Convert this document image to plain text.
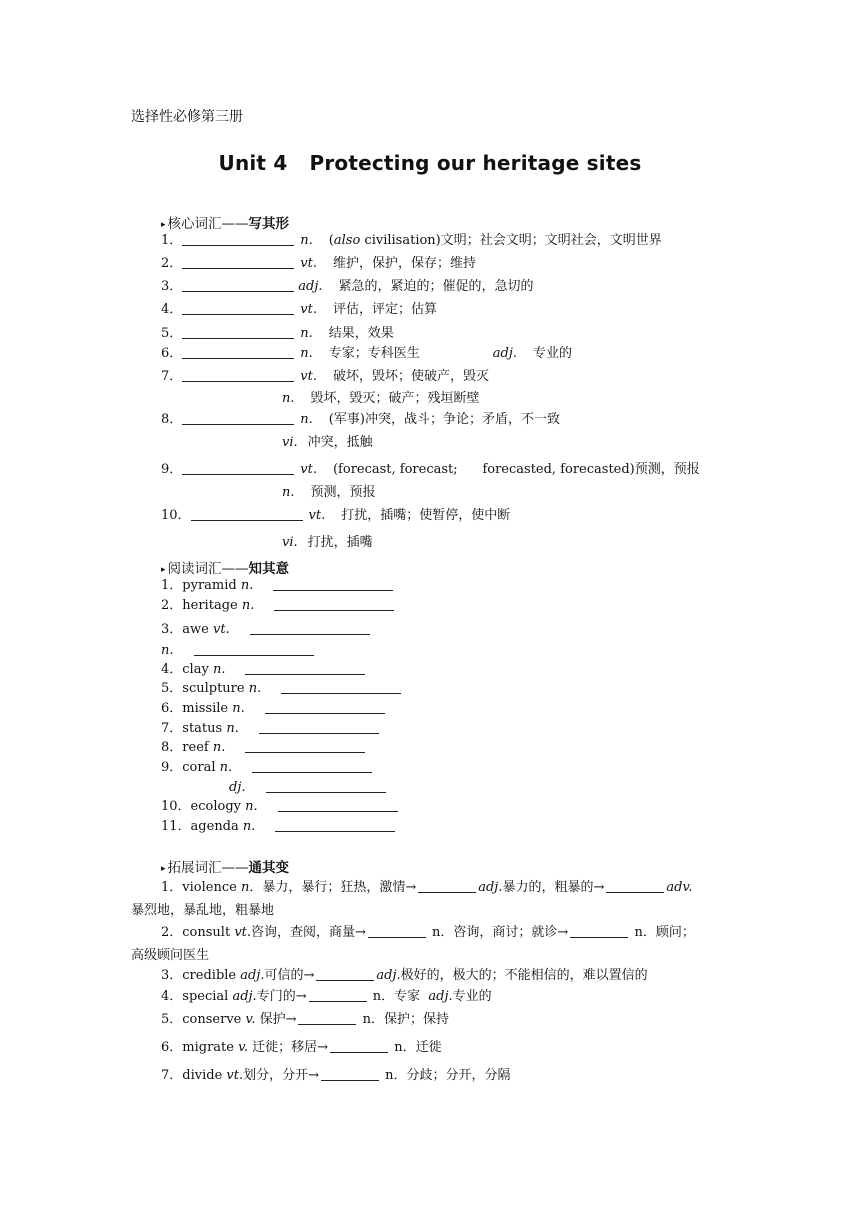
选择性必修第三册
Unit 4 Protecting our heritage sites
▸ 核心词汇——写其形
1．	n. (also civilisation)文明；社会文明；文明社会，文明世界
2．	vt. 维护，保护，保存；维持
3．	adj. 紧急的，紧迫的；催促的，急切的
4．	vt. 评估，评定；估算
5．	n. 结果，效果
6．	n. 专家；专科医生	adj. 专业的
7．	vt. 破坏，毁坏；使破产，毁灭
n. 毁坏，毁灭；破产；残垣断壁
8．	n. (军事)冲突，战斗；争论；矛盾，不一致
vi. 冲突，抵触
9．	vt. (forecast, forecast;      forecasted, forecasted)预测，预报
n. 预测，预报
10．	vt. 打扰，插嘴；使暂停，使中断
vi. 打扰，插嘴
▸ 阅读词汇——知其意
1．pyramid n.
2．heritage n.
3．awe vt.
n.
4．clay n.
5．sculpture n.
6．missile n.
7．status n.
8．reef n.
9．coral n.
dj.
10．ecology n.
11．agenda n.
▸ 拓展词汇——通其变
1．violence n．暴力，暴行；狂热，激情→	adj.暴力的，粗暴的→	adv.
暴烈地，暴乱地，粗暴地
2．consult vt.咨询，查阅，商量→	n．咨询，商讨；就诊→	n．顾问；
高级顾问医生
3．credible adj.可信的→	adj.极好的，极大的；不能相信的，难以置信的
4．special adj.专门的→	n．专家  adj.专业的
5．conserve v. 保护→	n．保护；保持
6．migrate v. 迁徙；移居→	n．迁徙
7．divide vt.划分，分开→	n．分歧；分开，分隔
